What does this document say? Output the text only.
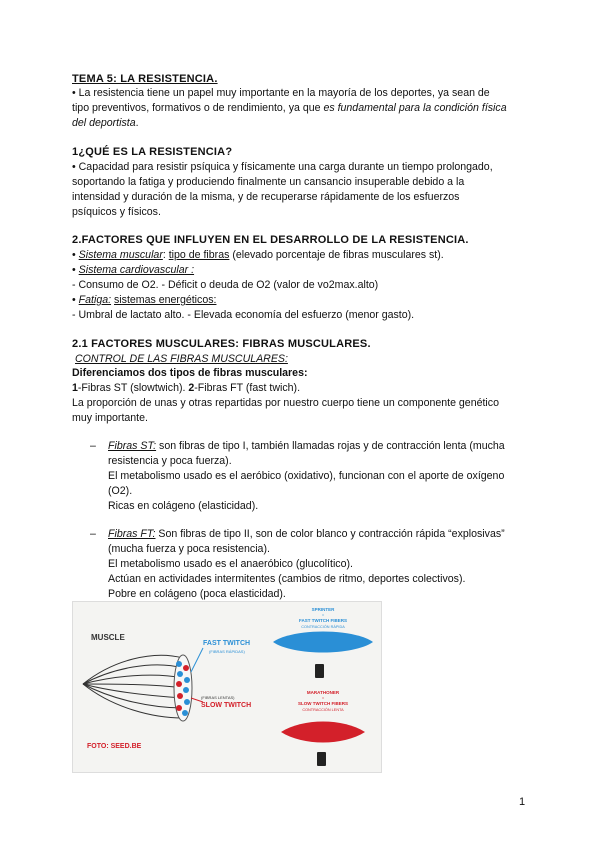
TEMA 5: LA RESISTENCIA.
• La resistencia tiene un papel muy importante en la mayoría de los deportes, ya sean de
tipo preventivos, formativos o de rendimiento, ya que es fundamental para la condición física
del deportista.
1¿QUÉ ES LA RESISTENCIA?
• Capacidad para resistir psíquica y físicamente una carga durante un tiempo prolongado,
soportando la fatiga y produciendo finalmente un cansancio insuperable debido a la
intensidad y duración de la misma, y de recuperarse rápidamente de los esfuerzos
psíquicos y físicos.
2.FACTORES QUE INFLUYEN EN EL DESARROLLO DE LA RESISTENCIA.
• Sistema muscular: tipo de fibras (elevado porcentaje de fibras musculares st).
• Sistema cardiovascular :
- Consumo de O2. - Déficit o deuda de O2 (valor de vo2max.alto)
• Fatiga: sistemas energéticos:
- Umbral de lactato alto. - Elevada economía del esfuerzo (menor gasto).
2.1 FACTORES MUSCULARES: FIBRAS MUSCULARES.
CONTROL DE LAS FIBRAS MUSCULARES:
Diferenciamos dos tipos de fibras musculares:
1-Fibras ST (slowtwich). 2-Fibras FT (fast twich).
La proporción de unas y otras repartidas por nuestro cuerpo tiene un componente genético
muy importante.
– Fibras ST: son fibras de tipo I, también llamadas rojas y de contracción lenta (mucha
resistencia y poca fuerza).
El metabolismo usado es el aeróbico (oxidativo), funcionan con el aporte de oxígeno
(O2).
Ricas en colágeno (elasticidad).
– Fibras FT: Son fibras de tipo II, son de color blanco y contracción rápida “explosivas”
(mucha fuerza y poca resistencia).
El metabolismo usado es el anaeróbico (glucolítico).
Actúan en actividades intermitentes (cambios de ritmo, deportes colectivos).
Pobre en colágeno (poca elasticidad).
MUSCLE
FAST TWITCH
(FIBRAS RÁPIDAS)
(FIBRAS LENTAS)
SLOW TWITCH
FOTO: SEED.BE
SPRINTER
=
FAST TWITCH FIBERS
CONTRACCIÓN RÁPIDA
MARATHONER
=
SLOW TWITCH FIBERS
CONTRACCIÓN LENTA
1
